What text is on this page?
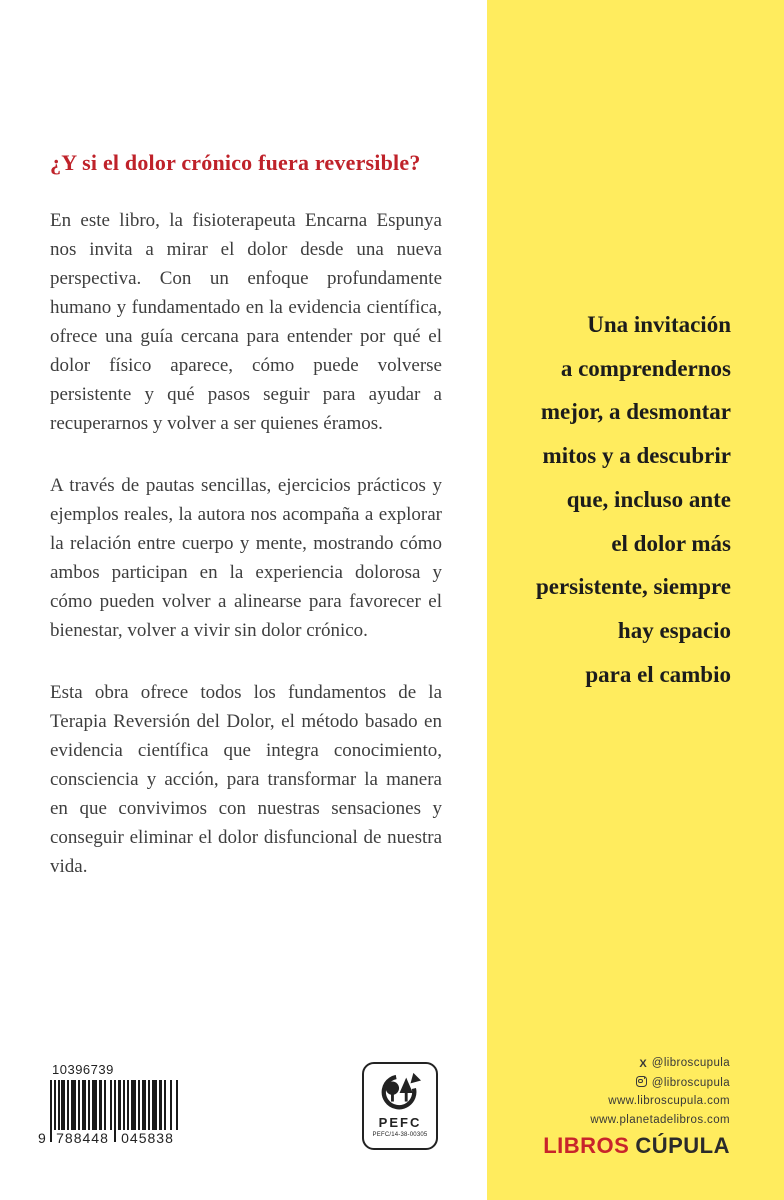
Una invitación
a comprendernos
mejor, a desmontar
mitos y a descubrir
que, incluso ante
el dolor más
persistente, siempre
hay espacio
para el cambio
X @libroscupula
@libroscupula
www.libroscupula.com
www.planetadelibros.com
LIBROS CÚPULA
¿Y si el dolor crónico fuera reversible?

En este libro, la fisioterapeuta Encarna Espunya nos invita a mirar el dolor desde una nueva perspectiva. Con un enfoque profundamente humano y fundamentado en la evidencia científica, ofrece una guía cercana para entender por qué el dolor físico aparece, cómo puede volverse persistente y qué pasos seguir para ayudar a recuperarnos y volver a ser quienes éramos.

A través de pautas sencillas, ejercicios prácticos y ejemplos reales, la autora nos acompaña a explorar la relación entre cuerpo y mente, mostrando cómo ambos participan en la experiencia dolorosa y cómo pueden volver a alinearse para favorecer el bienestar, volver a vivir sin dolor crónico.

Esta obra ofrece todos los fundamentos de la Terapia Reversión del Dolor, el método basado en evidencia científica que integra conocimiento, consciencia y acción, para transformar la manera en que convivimos con nuestras sensaciones y conseguir eliminar el dolor disfuncional de nuestra vida.

10396739
9 788448 045838
PEFC
PEFC/14-38-00305
